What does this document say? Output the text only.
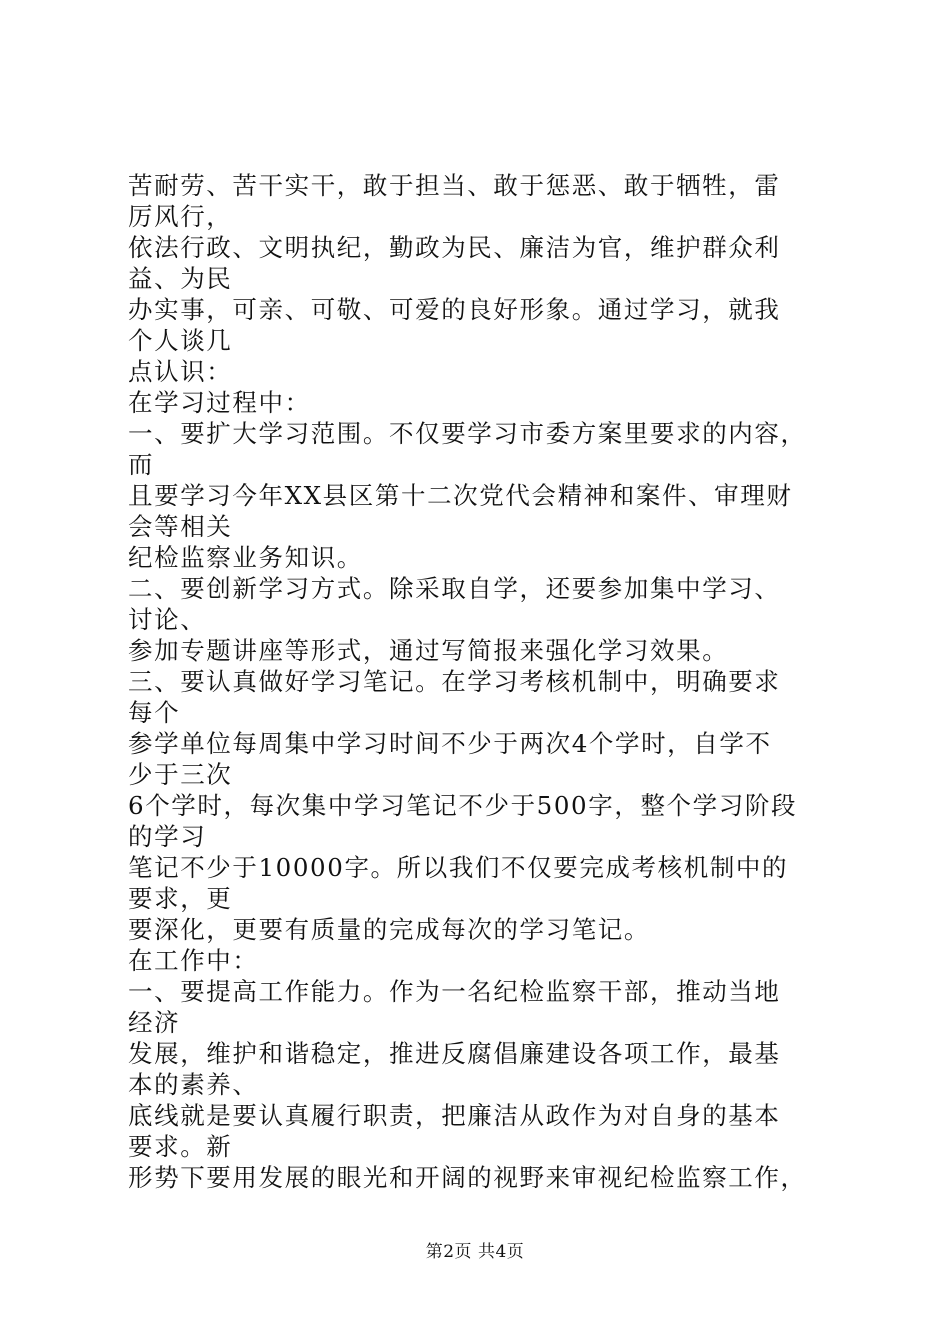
苦耐劳、苦干实干，敢于担当、敢于惩恶、敢于牺牲，雷
厉风行，
依法行政、文明执纪，勤政为民、廉洁为官，维护群众利
益、为民
办实事，可亲、可敬、可爱的良好形象。通过学习，就我
个人谈几
点认识：
在学习过程中：
一、要扩大学习范围。不仅要学习市委方案里要求的内容，
而
且要学习今年XX县区第十二次党代会精神和案件、审理财
会等相关
纪检监察业务知识。
二、要创新学习方式。除采取自学，还要参加集中学习、
讨论、
参加专题讲座等形式，通过写简报来强化学习效果。
三、要认真做好学习笔记。在学习考核机制中，明确要求
每个
参学单位每周集中学习时间不少于两次4个学时，自学不
少于三次
6个学时，每次集中学习笔记不少于500字，整个学习阶段
的学习
笔记不少于10000字。所以我们不仅要完成考核机制中的
要求，更
要深化，更要有质量的完成每次的学习笔记。
在工作中：
一、要提高工作能力。作为一名纪检监察干部，推动当地
经济
发展，维护和谐稳定，推进反腐倡廉建设各项工作，最基
本的素养、
底线就是要认真履行职责，把廉洁从政作为对自身的基本
要求。新
形势下要用发展的眼光和开阔的视野来审视纪检监察工作，
第2页 共4页
